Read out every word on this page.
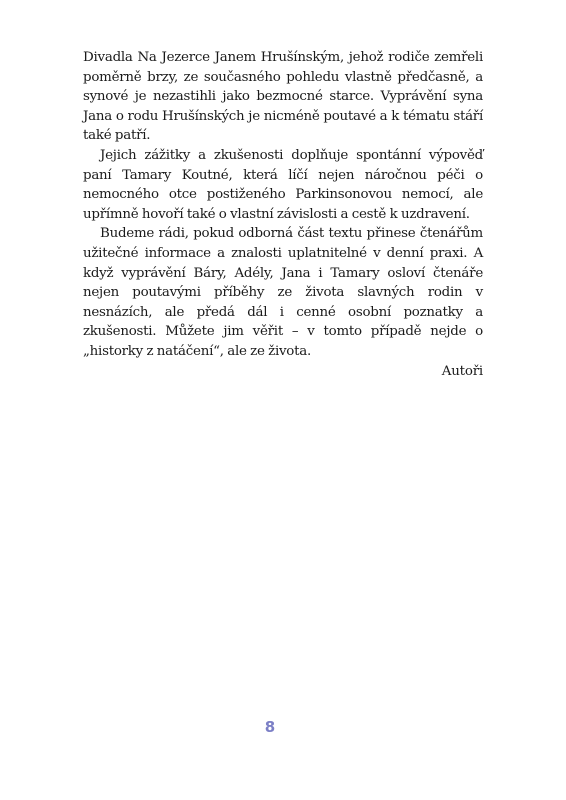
Divadla Na Jezerce Janem Hrušínským, jehož rodiče zemřeli poměrně brzy, ze současného pohledu vlastně předčasně, a synové je nezastihli jako bezmocné starce. Vyprávění syna Jana o rodu Hrušínských je nicméně poutavé a k tématu stáří také patří.

Jejich zážitky a zkušenosti doplňuje spontánní výpověď paní Tamary Koutné, která líčí nejen náročnou péči o nemocného otce postiženého Parkinsonovou nemocí, ale upřímně hovoří také o vlastní závislosti a cestě k uzdravení.

Budeme rádi, pokud odborná část textu přinese čtenářům užitečné informace a znalosti uplatnitelné v denní praxi. A když vyprávění Báry, Adély, Jana i Tamary osloví čtenáře nejen poutavými příběhy ze života slavných rodin v nesnázích, ale předá dál i cenné osobní poznatky a zkušenosti. Můžete jim věřit – v tomto případě nejde o „historky z natáčení“, ale ze života.

Autoři

8
